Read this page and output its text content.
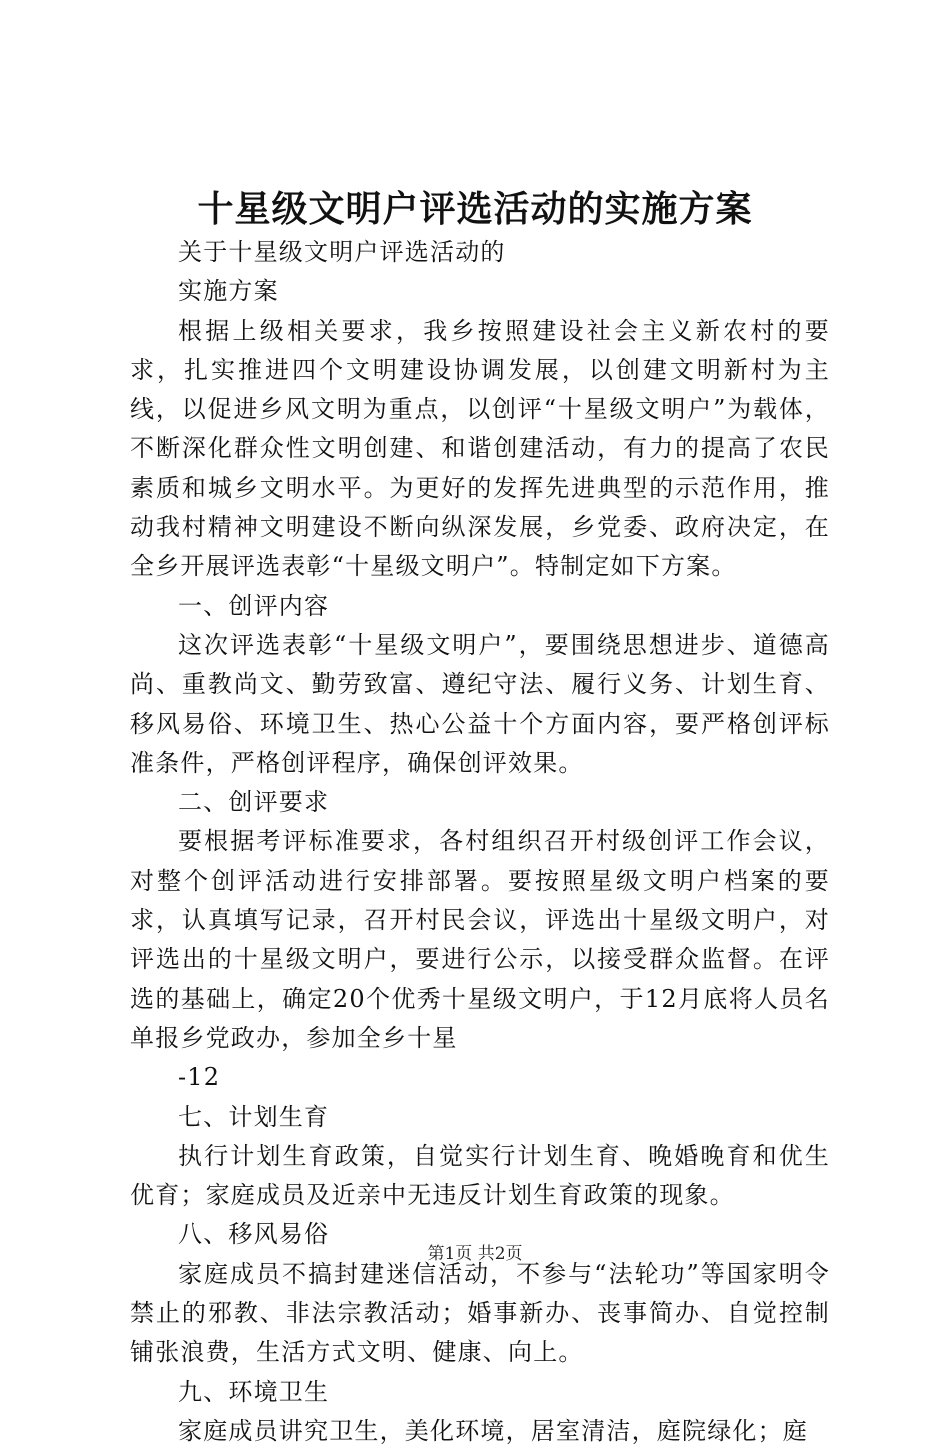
十星级文明户评选活动的实施方案

关于十星级文明户评选活动的

实施方案

根据上级相关要求，我乡按照建设社会主义新农村的要求，扎实推进四个文明建设协调发展，以创建文明新村为主线，以促进乡风文明为重点，以创评“十星级文明户”为载体，不断深化群众性文明创建、和谐创建活动，有力的提高了农民素质和城乡文明水平。为更好的发挥先进典型的示范作用，推动我村精神文明建设不断向纵深发展，乡党委、政府决定，在全乡开展评选表彰“十星级文明户”。特制定如下方案。

一、创评内容

这次评选表彰“十星级文明户”，要围绕思想进步、道德高尚、重教尚文、勤劳致富、遵纪守法、履行义务、计划生育、移风易俗、环境卫生、热心公益十个方面内容，要严格创评标准条件，严格创评程序，确保创评效果。

二、创评要求

要根据考评标准要求，各村组织召开村级创评工作会议，对整个创评活动进行安排部署。要按照星级文明户档案的要求，认真填写记录，召开村民会议，评选出十星级文明户，对评选出的十星级文明户，要进行公示，以接受群众监督。在评选的基础上，确定20个优秀十星级文明户，于12月底将人员名单报乡党政办，参加全乡十星

-12

七、计划生育

执行计划生育政策，自觉实行计划生育、晚婚晚育和优生优育；家庭成员及近亲中无违反计划生育政策的现象。

八、移风易俗

家庭成员不搞封建迷信活动，不参与“法轮功”等国家明令禁止的邪教、非法宗教活动；婚事新办、丧事简办、自觉控制铺张浪费，生活方式文明、健康、向上。

九、环境卫生

家庭成员讲究卫生，美化环境，居室清洁，庭院绿化；庭

第1页 共2页
